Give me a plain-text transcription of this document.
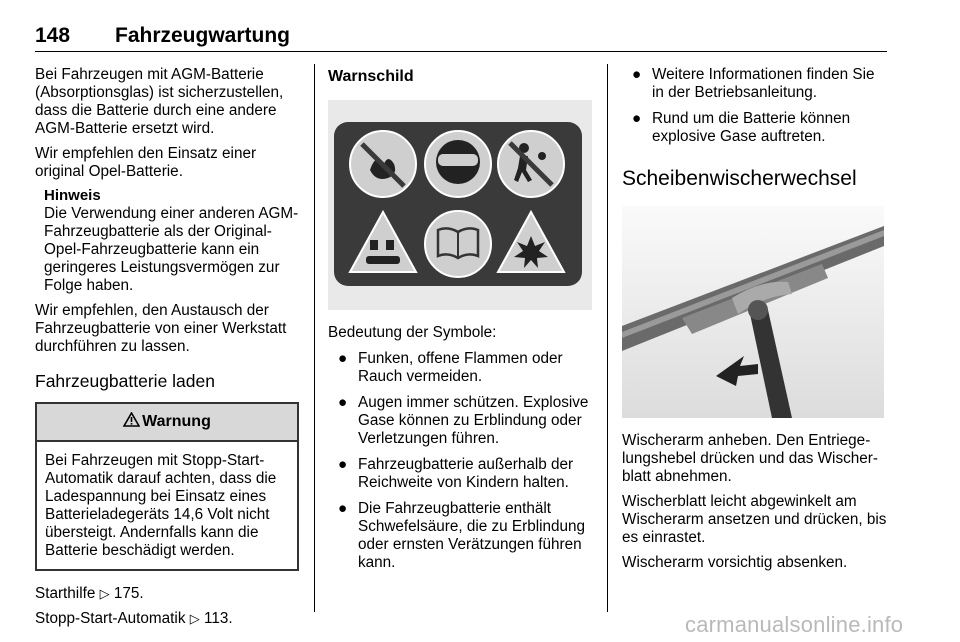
148 Fahrzeugwartung

Bei Fahrzeugen mit AGM-Batterie (Absorptionsglas) ist sicherzustellen, dass die Batterie durch eine andere AGM-Batterie ersetzt wird.

Wir empfehlen den Einsatz einer original Opel-Batterie.

Hinweis

Die Verwendung einer anderen AGM-Fahrzeugbatterie als der Original-Opel-Fahrzeugbatterie kann ein geringeres Leistungsvermögen zur Folge haben.

Wir empfehlen, den Austausch der Fahrzeugbatterie von einer Werkstatt durchführen zu lassen.

Fahrzeugbatterie laden
Warnung

Bei Fahrzeugen mit Stopp-Start-Automatik darauf achten, dass die Ladespannung bei Einsatz eines Batterieladegeräts 14,6 Volt nicht übersteigt. Andernfalls kann die Batterie beschädigt werden.

Starthilfe ▷ 175.

Stopp-Start-Automatik ▷ 113.

Warnschild

Bedeutung der Symbole:

● Funken, offene Flammen oder Rauch vermeiden.
● Augen immer schützen. Explosive Gase können zu Erblindung oder Verletzungen führen.
● Fahrzeugbatterie außerhalb der Reichweite von Kindern halten.
● Die Fahrzeugbatterie enthält Schwefelsäure, die zu Erblindung oder ernsten Verätzungen führen kann.
● Weitere Informationen finden Sie in der Betriebsanleitung.
● Rund um die Batterie können explosive Gase auftreten.
Scheibenwischerwechsel

Wischerarm anheben. Den Entriegelungshebel drücken und das Wischerblatt abnehmen.

Wischerblatt leicht abgewinkelt am Wischerarm ansetzen und drücken, bis es einrastet.

Wischerarm vorsichtig absenken.

carmanualsonline.info
